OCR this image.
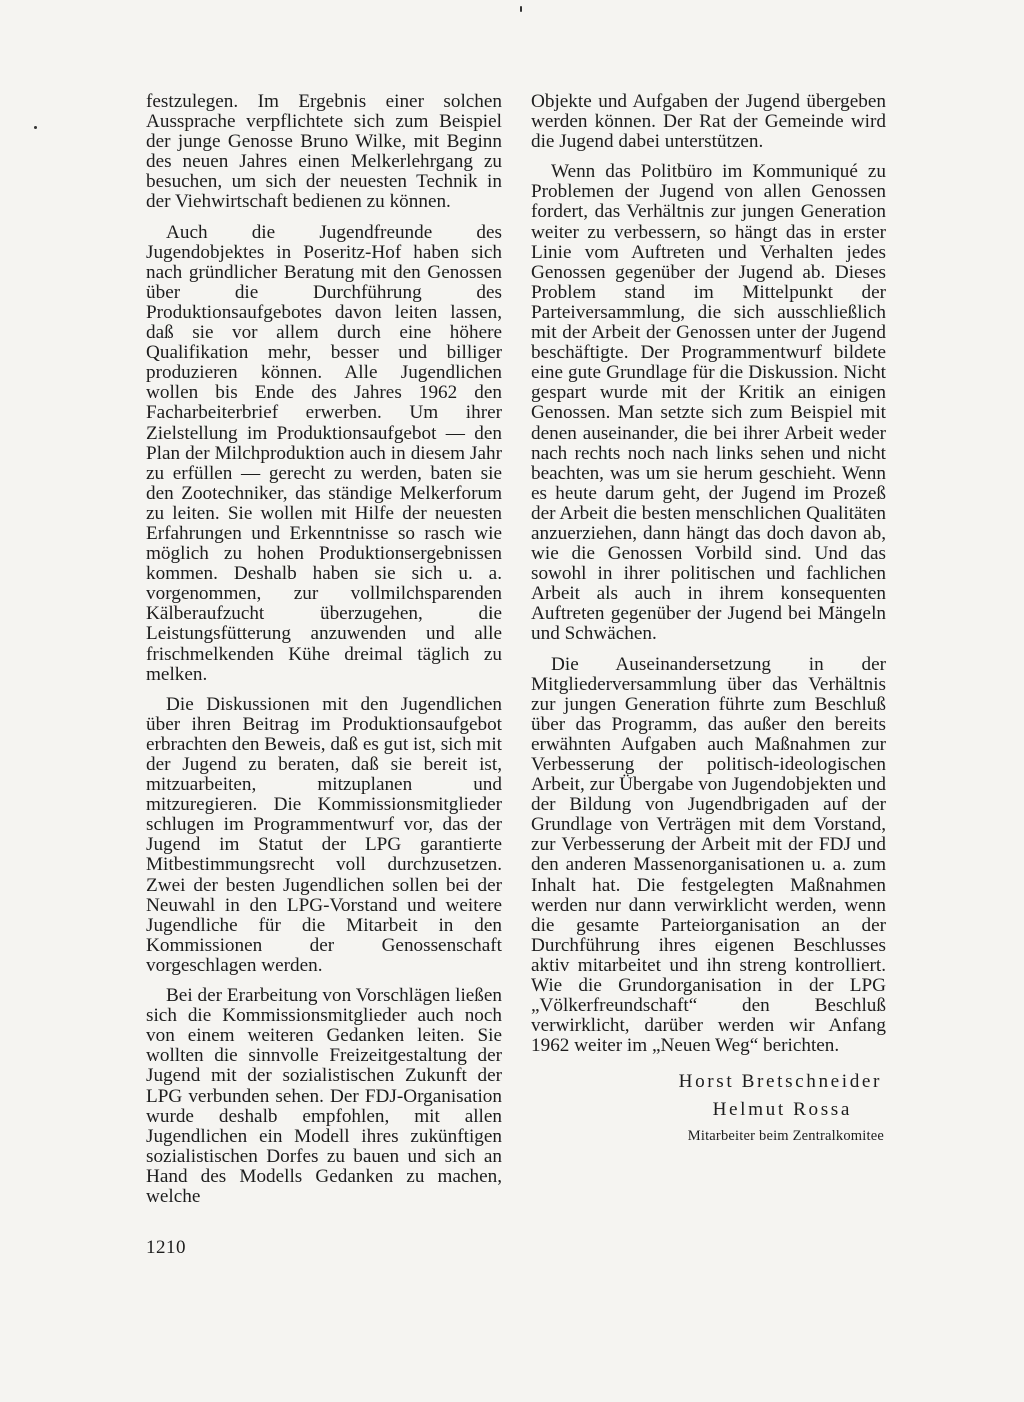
festzulegen. Im Ergebnis einer solchen Aussprache verpflichtete sich zum Beispiel der junge Genosse Bruno Wilke, mit Beginn des neuen Jahres einen Melkerlehrgang zu besuchen, um sich der neuesten Technik in der Viehwirtschaft bedienen zu können.

Auch die Jugendfreunde des Jugendobjektes in Poseritz-Hof haben sich nach gründlicher Beratung mit den Genossen über die Durchführung des Produktionsaufgebotes davon leiten lassen, daß sie vor allem durch eine höhere Qualifikation mehr, besser und billiger produzieren können. Alle Jugendlichen wollen bis Ende des Jahres 1962 den Facharbeiterbrief erwerben. Um ihrer Zielstellung im Produktionsaufgebot — den Plan der Milchproduktion auch in diesem Jahr zu erfüllen — gerecht zu werden, baten sie den Zootechniker, das ständige Melkerforum zu leiten. Sie wollen mit Hilfe der neuesten Erfahrungen und Erkenntnisse so rasch wie möglich zu hohen Produktionsergebnissen kommen. Deshalb haben sie sich u. a. vorgenommen, zur vollmilchsparenden Kälberaufzucht überzugehen, die Leistungsfütterung anzuwenden und alle frischmelkenden Kühe dreimal täglich zu melken.

Die Diskussionen mit den Jugendlichen über ihren Beitrag im Produktionsaufgebot erbrachten den Beweis, daß es gut ist, sich mit der Jugend zu beraten, daß sie bereit ist, mitzuarbeiten, mitzuplanen und mitzuregieren. Die Kommissionsmitglieder schlugen im Programmentwurf vor, das der Jugend im Statut der LPG garantierte Mitbestimmungsrecht voll durchzusetzen. Zwei der besten Jugendlichen sollen bei der Neuwahl in den LPG-Vorstand und weitere Jugendliche für die Mitarbeit in den Kommissionen der Genossenschaft vorgeschlagen werden.

Bei der Erarbeitung von Vorschlägen ließen sich die Kommissionsmitglieder auch noch von einem weiteren Gedanken leiten. Sie wollten die sinnvolle Freizeitgestaltung der Jugend mit der sozialistischen Zukunft der LPG verbunden sehen. Der FDJ-Organisation wurde deshalb empfohlen, mit allen Jugendlichen ein Modell ihres zukünftigen sozialistischen Dorfes zu bauen und sich an Hand des Modells Gedanken zu machen, welche

Objekte und Aufgaben der Jugend übergeben werden können. Der Rat der Gemeinde wird die Jugend dabei unterstützen.

Wenn das Politbüro im Kommuniqué zu Problemen der Jugend von allen Genossen fordert, das Verhältnis zur jungen Generation weiter zu verbessern, so hängt das in erster Linie vom Auftreten und Verhalten jedes Genossen gegenüber der Jugend ab. Dieses Problem stand im Mittelpunkt der Parteiversammlung, die sich ausschließlich mit der Arbeit der Genossen unter der Jugend beschäftigte. Der Programmentwurf bildete eine gute Grundlage für die Diskussion. Nicht gespart wurde mit der Kritik an einigen Genossen. Man setzte sich zum Beispiel mit denen auseinander, die bei ihrer Arbeit weder nach rechts noch nach links sehen und nicht beachten, was um sie herum geschieht. Wenn es heute darum geht, der Jugend im Prozeß der Arbeit die besten menschlichen Qualitäten anzuerziehen, dann hängt das doch davon ab, wie die Genossen Vorbild sind. Und das sowohl in ihrer politischen und fachlichen Arbeit als auch in ihrem konsequenten Auftreten gegenüber der Jugend bei Mängeln und Schwächen.

Die Auseinandersetzung in der Mitgliederversammlung über das Verhältnis zur jungen Generation führte zum Beschluß über das Programm, das außer den bereits erwähnten Aufgaben auch Maßnahmen zur Verbesserung der politisch-ideologischen Arbeit, zur Übergabe von Jugendobjekten und der Bildung von Jugendbrigaden auf der Grundlage von Verträgen mit dem Vorstand, zur Verbesserung der Arbeit mit der FDJ und den anderen Massenorganisationen u. a. zum Inhalt hat. Die festgelegten Maßnahmen werden nur dann verwirklicht werden, wenn die gesamte Parteiorganisation an der Durchführung ihres eigenen Beschlusses aktiv mitarbeitet und ihn streng kontrolliert. Wie die Grundorganisation in der LPG „Völkerfreundschaft“ den Beschluß verwirklicht, darüber werden wir Anfang 1962 weiter im „Neuen Weg“ berichten.

Horst Bretschneider
Helmut Rossa
Mitarbeiter beim Zentralkomitee
1210
